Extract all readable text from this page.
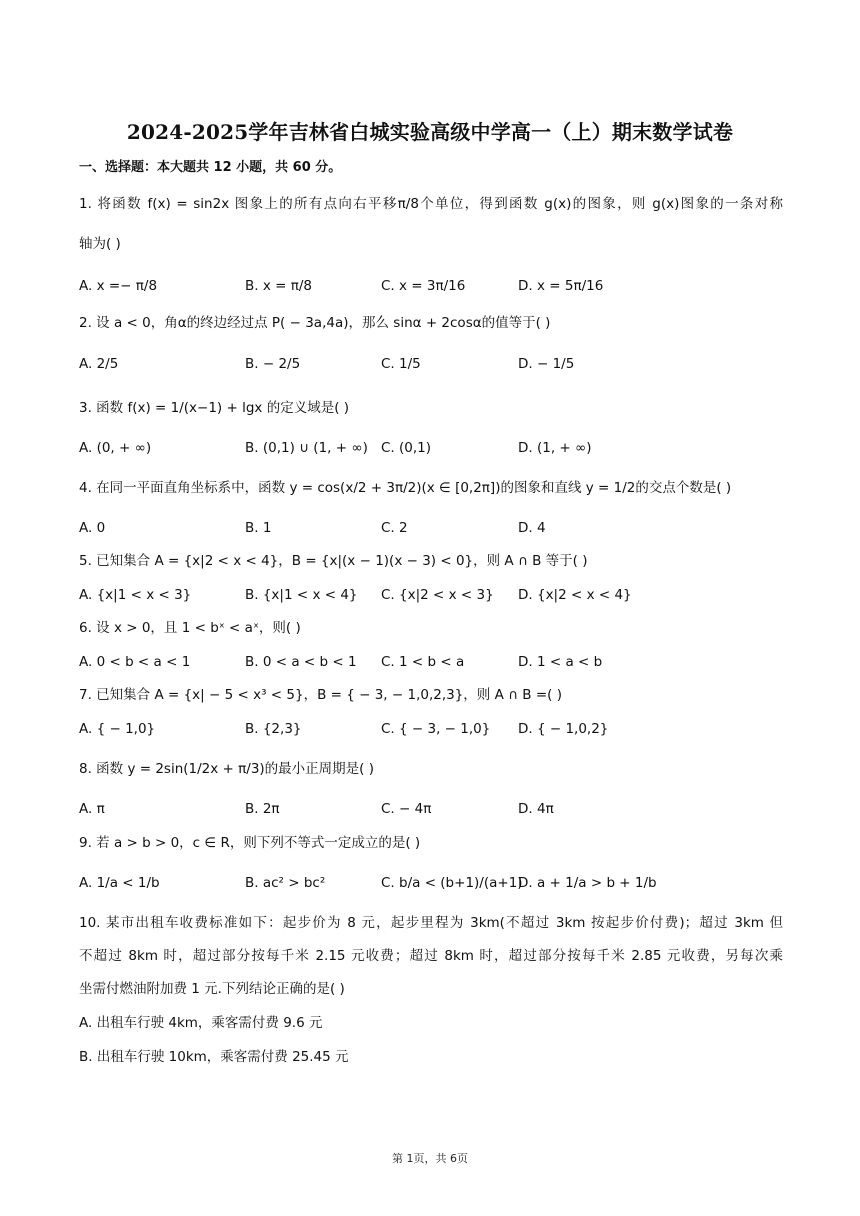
2024-2025学年吉林省白城实验高级中学高一（上）期末数学试卷
一、选择题：本大题共 12 小题，共 60 分。
1. 将函数 f(x) = sin2x 图象上的所有点向右平移π/8个单位，得到函数 g(x)的图象，则 g(x)图象的一条对称
轴为( )
A. x =− π/8	B. x = π/8	C. x = 3π/16	D. x = 5π/16
2. 设 a < 0，角α的终边经过点 P( − 3a,4a)，那么 sinα + 2cosα的值等于( )
A. 2/5	B. − 2/5	C. 1/5	D. − 1/5
3. 函数 f(x) = 1/(x−1) + lgx 的定义域是( )
A. (0, + ∞)	B. (0,1) ∪ (1, + ∞) C. (0,1)	D. (1, + ∞)
4. 在同一平面直角坐标系中，函数 y = cos(x/2 + 3π/2)(x ∈ [0,2π])的图象和直线 y = 1/2的交点个数是( )
A. 0	B. 1	C. 2	D. 4
5. 已知集合 A = {x|2 < x < 4}，B = {x|(x − 1)(x − 3) < 0}，则 A ∩ B 等于( )
A. {x|1 < x < 3}	B. {x|1 < x < 4} C. {x|2 < x < 3} D. {x|2 < x < 4}
6. 设 x > 0，且 1 < bˣ < aˣ，则( )
A. 0 < b < a < 1	B. 0 < a < b < 1 C. 1 < b < a	D. 1 < a < b
7. 已知集合 A = {x| − 5 < x³ < 5}，B = { − 3, − 1,0,2,3}，则 A ∩ B =( )
A. { − 1,0}	B. {2,3}	C. { − 3, − 1,0} D. { − 1,0,2}
8. 函数 y = 2sin(1/2x + π/3)的最小正周期是( )
A. π	B. 2π	C. − 4π	D. 4π
9. 若 a > b > 0，c ∈ R，则下列不等式一定成立的是( )
A. 1/a < 1/b	B. ac² > bc²	C. b/a < (b+1)/(a+1)
D. a + 1/a > b + 1/b
10. 某市出租车收费标准如下：起步价为 8 元，起步里程为 3km(不超过 3km 按起步价付费)；超过 3km 但
不超过 8km 时，超过部分按每千米 2.15 元收费；超过 8km 时，超过部分按每千米 2.85 元收费，另每次乘
坐需付燃油附加费 1 元.下列结论正确的是( )
A. 出租车行驶 4km，乘客需付费 9.6 元
B. 出租车行驶 10km，乘客需付费 25.45 元
第 1页，共 6页
